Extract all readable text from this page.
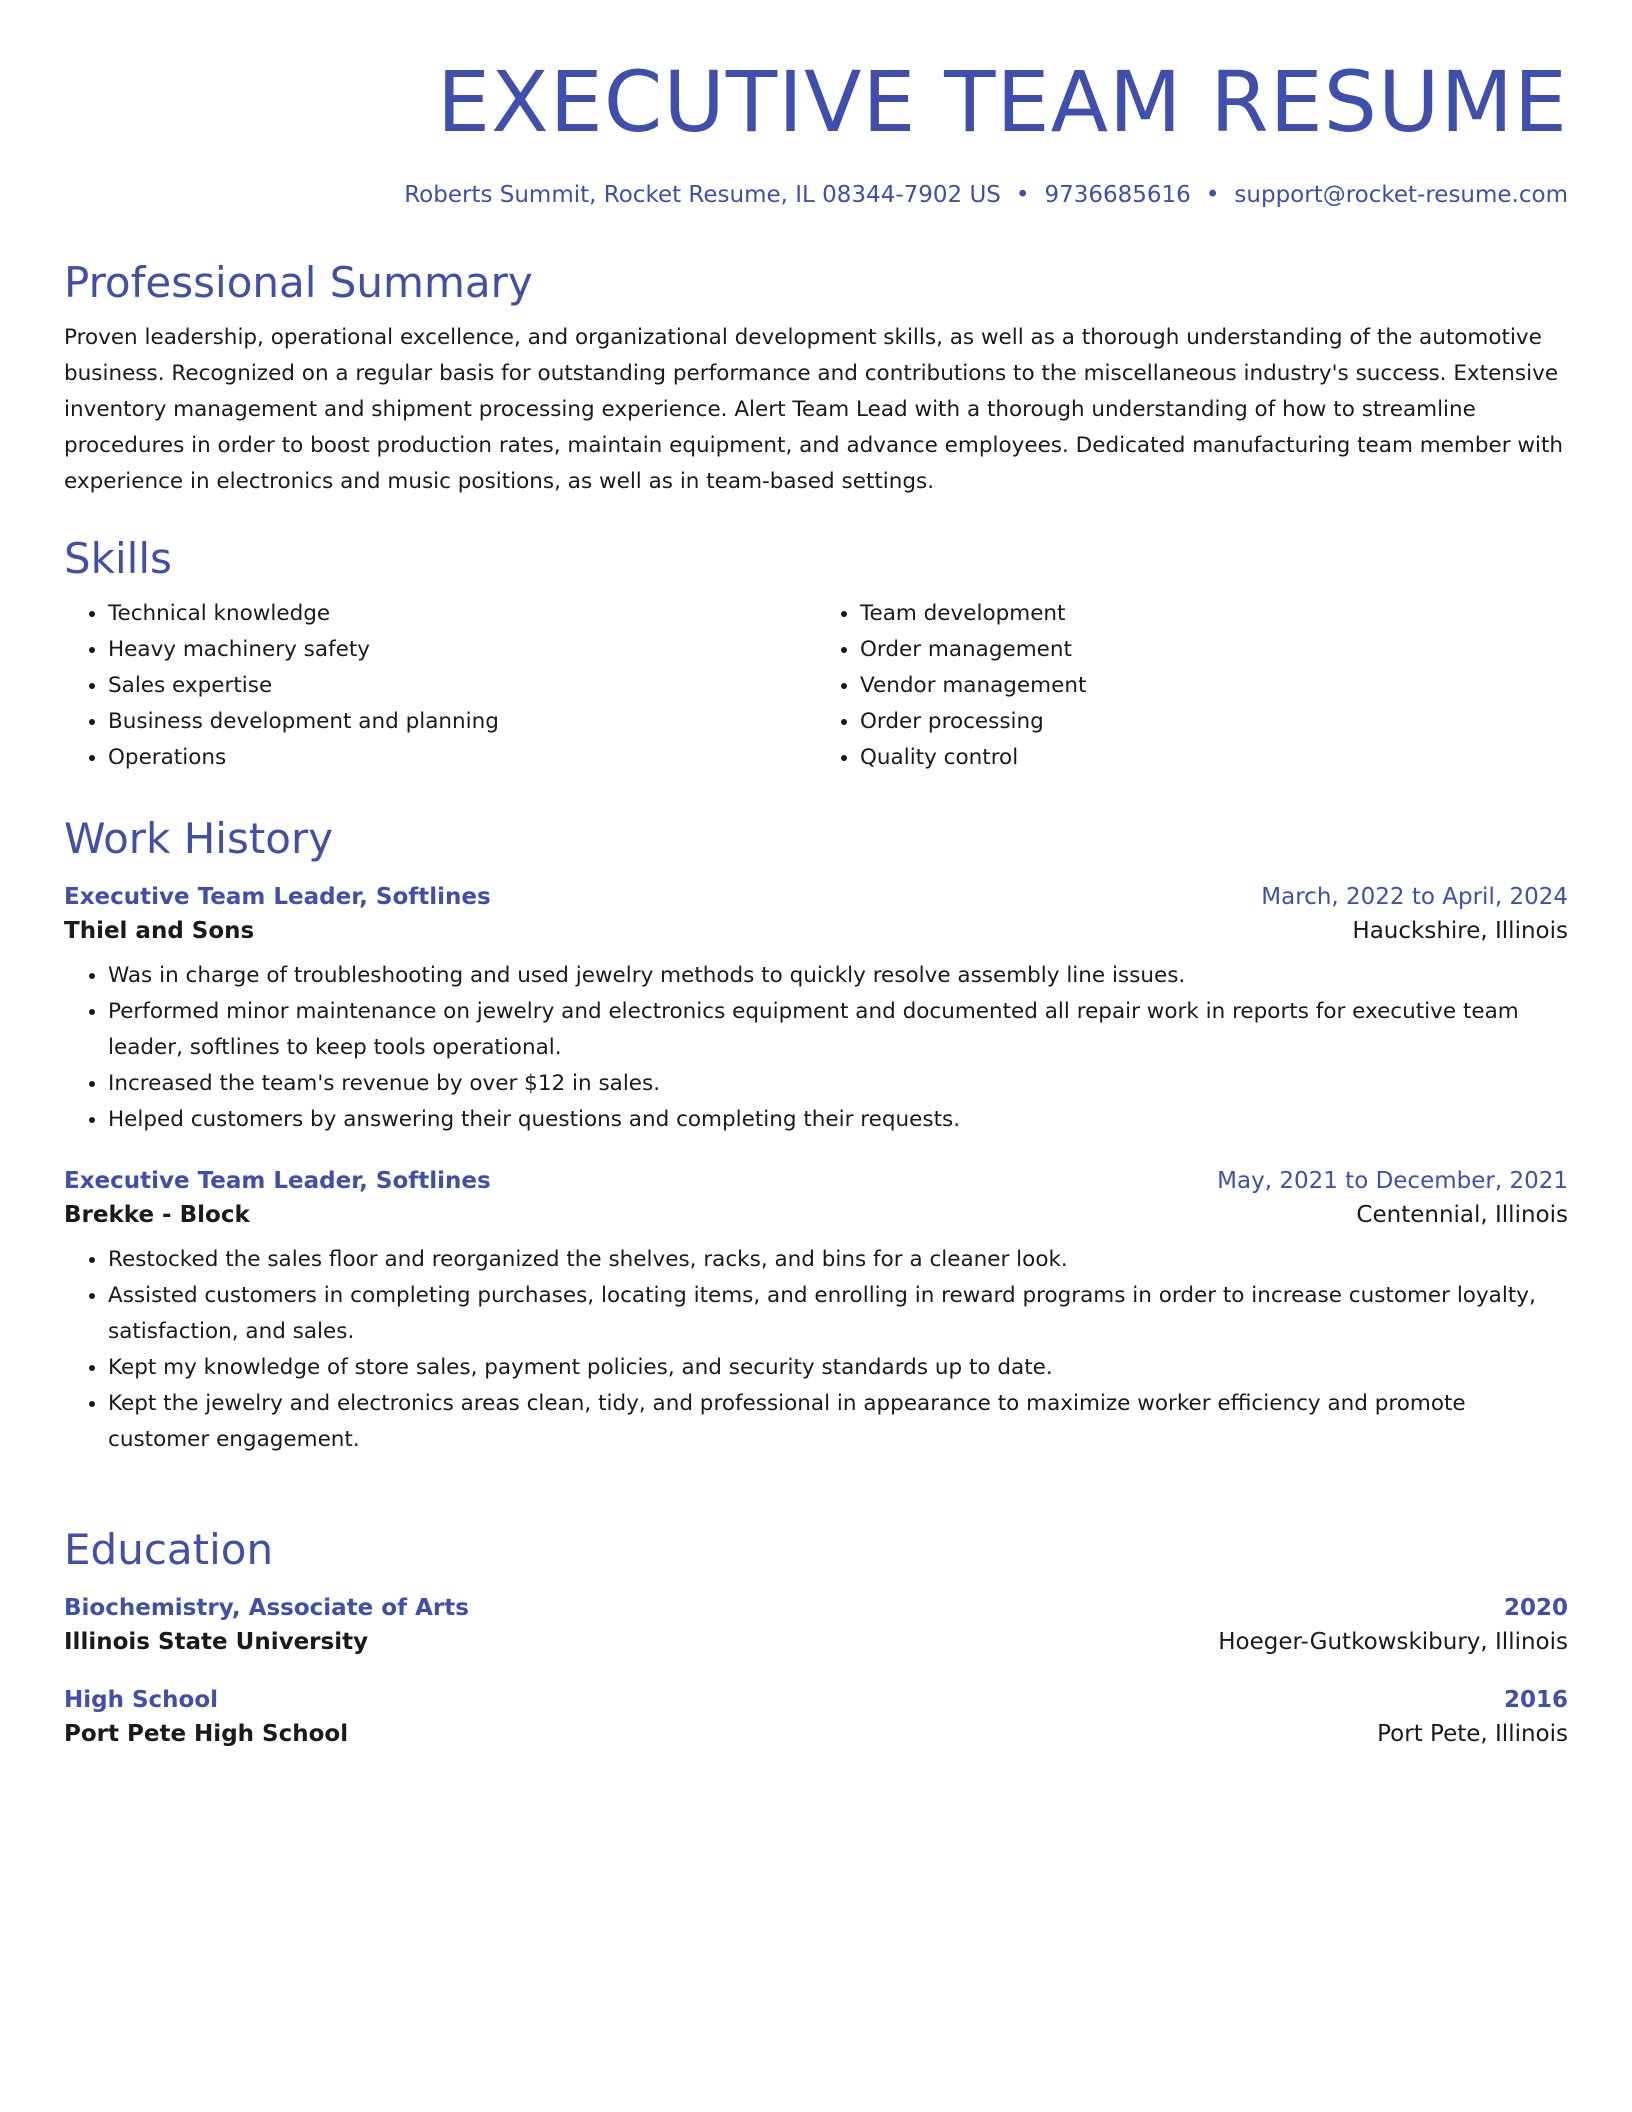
EXECUTIVE TEAM RESUME
Roberts Summit, Rocket Resume, IL 08344-7902 US • 9736685616 • support@rocket-resume.com
Professional Summary

Proven leadership, operational excellence, and organizational development skills, as well as a thorough understanding of the automotive business. Recognized on a regular basis for outstanding performance and contributions to the miscellaneous industry's success. Extensive inventory management and shipment processing experience. Alert Team Lead with a thorough understanding of how to streamline procedures in order to boost production rates, maintain equipment, and advance employees. Dedicated manufacturing team member with experience in electronics and music positions, as well as in team-based settings.

Skills
• Technical knowledge
• Heavy machinery safety
• Sales expertise
• Business development and planning
• Operations
• Team development
• Order management
• Vendor management
• Order processing
• Quality control
Work History
Executive Team Leader, Softlines	March, 2022 to April, 2024
Thiel and Sons	Hauckshire, Illinois
• Was in charge of troubleshooting and used jewelry methods to quickly resolve assembly line issues.
• Performed minor maintenance on jewelry and electronics equipment and documented all repair work in reports for executive team leader, softlines to keep tools operational.
• Increased the team's revenue by over $12 in sales.
• Helped customers by answering their questions and completing their requests.
Executive Team Leader, Softlines	May, 2021 to December, 2021
Brekke - Block	Centennial, Illinois
• Restocked the sales floor and reorganized the shelves, racks, and bins for a cleaner look.
• Assisted customers in completing purchases, locating items, and enrolling in reward programs in order to increase customer loyalty, satisfaction, and sales.
• Kept my knowledge of store sales, payment policies, and security standards up to date.
• Kept the jewelry and electronics areas clean, tidy, and professional in appearance to maximize worker efficiency and promote customer engagement.
Education
Biochemistry, Associate of Arts	2020
Illinois State University	Hoeger-Gutkowskibury, Illinois
High School	2016
Port Pete High School	Port Pete, Illinois
